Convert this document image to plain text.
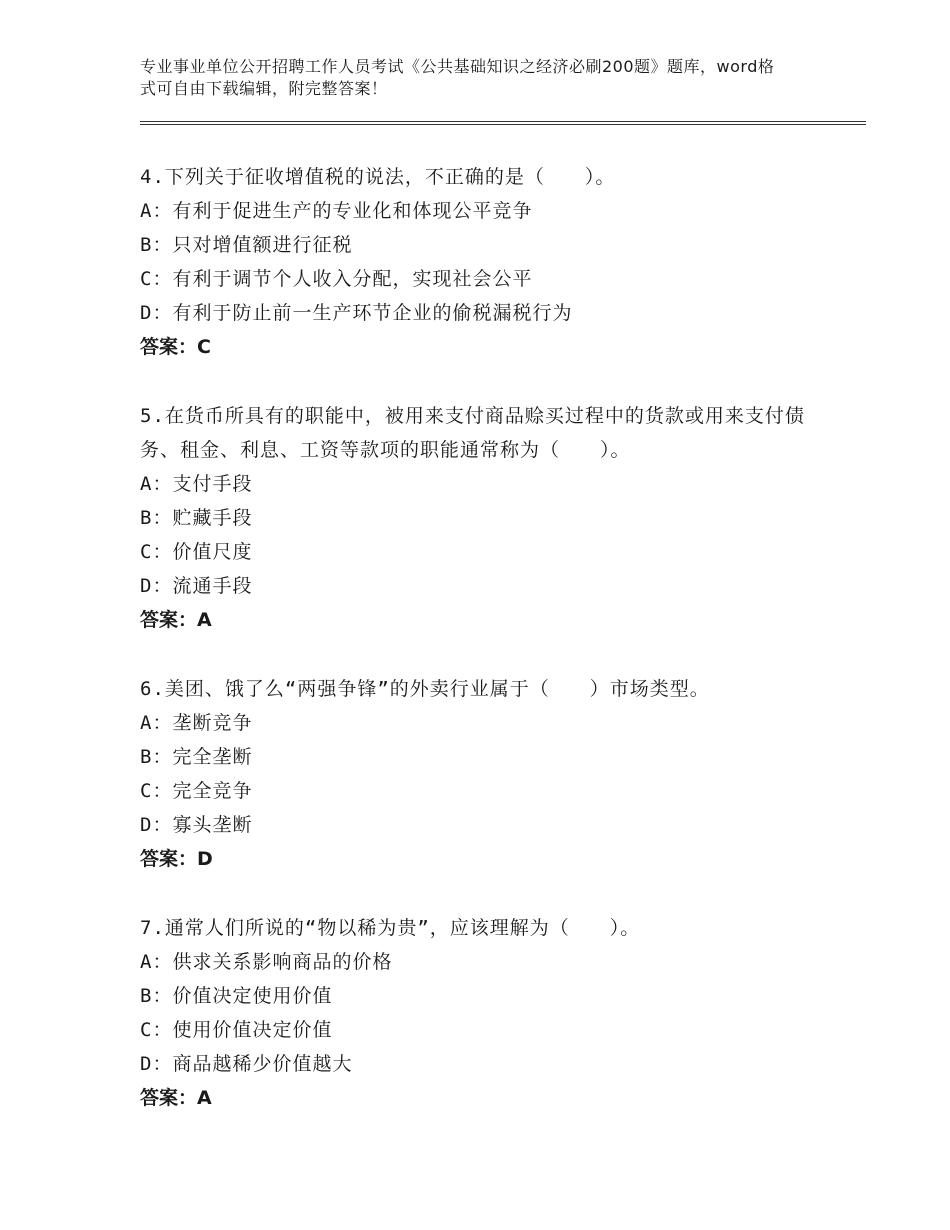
专业事业单位公开招聘工作人员考试《公共基础知识之经济必刷200题》题库，word格式可自由下载编辑，附完整答案！
4.下列关于征收增值税的说法，不正确的是（　　）。
A：有利于促进生产的专业化和体现公平竞争
B：只对增值额进行征税
C：有利于调节个人收入分配，实现社会公平
D：有利于防止前一生产环节企业的偷税漏税行为
答案：C
5.在货币所具有的职能中，被用来支付商品赊买过程中的货款或用来支付债务、租金、利息、工资等款项的职能通常称为（　　）。
A：支付手段
B：贮藏手段
C：价值尺度
D：流通手段
答案：A
6.美团、饿了么“两强争锋”的外卖行业属于（　　）市场类型。
A：垄断竞争
B：完全垄断
C：完全竞争
D：寡头垄断
答案：D
7.通常人们所说的“物以稀为贵”，应该理解为（　　）。
A：供求关系影响商品的价格
B：价值决定使用价值
C：使用价值决定价值
D：商品越稀少价值越大
答案：A
